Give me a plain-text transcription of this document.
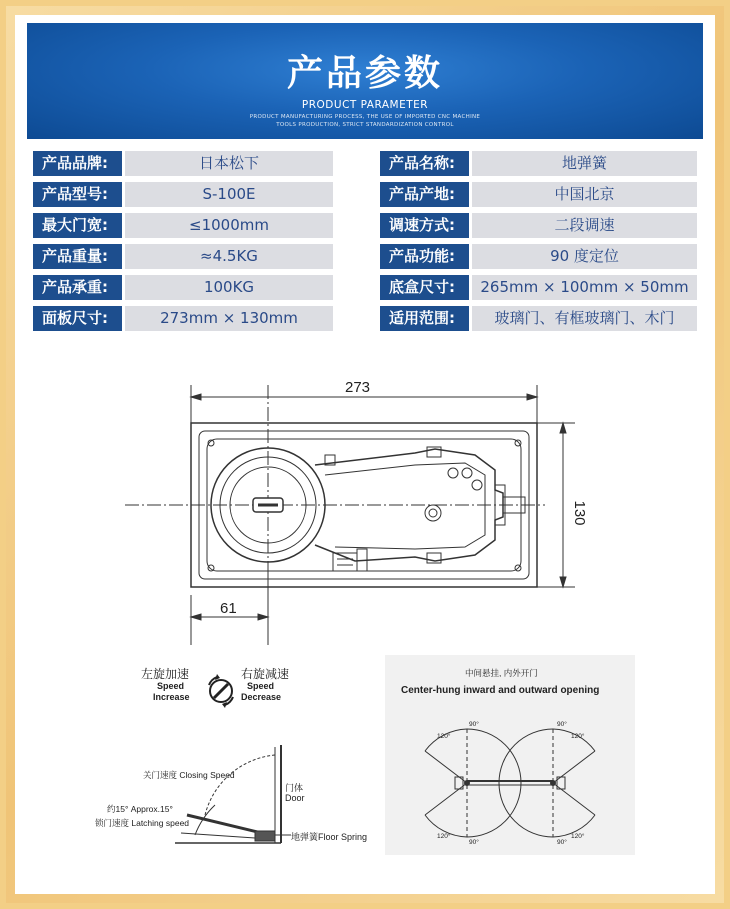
产品参数
PRODUCT PARAMETER
PRODUCT MANUFACTURING PROCESS, THE USE OF IMPORTED CNC MACHINE
TOOLS PRODUCTION, STRICT STANDARDIZATION CONTROL
产品品牌:	日本松下
产品型号:	S-100E
最大门宽:	≤1000mm
产品重量:	≈4.5KG
产品承重:	100KG
面板尺寸:	273mm × 130mm
产品名称:	地弹簧
产品产地:	中国北京
调速方式:	二段调速
产品功能:	90 度定位
底盒尺寸:	265mm × 100mm × 50mm
适用范围:	玻璃门、有框玻璃门、木门
273
130
61
左旋加速
Speed
Increase
右旋减速
Speed
Decrease
关门速度 Closing Speed
门体
Door
约15° Approx.15°
锁门速度 Latching speed
地弹簧Floor Spring
中间悬挂, 内外开门
Center-hung inward and outward opening
90°	90°
120°	120°
120°	120°
90°	90°
